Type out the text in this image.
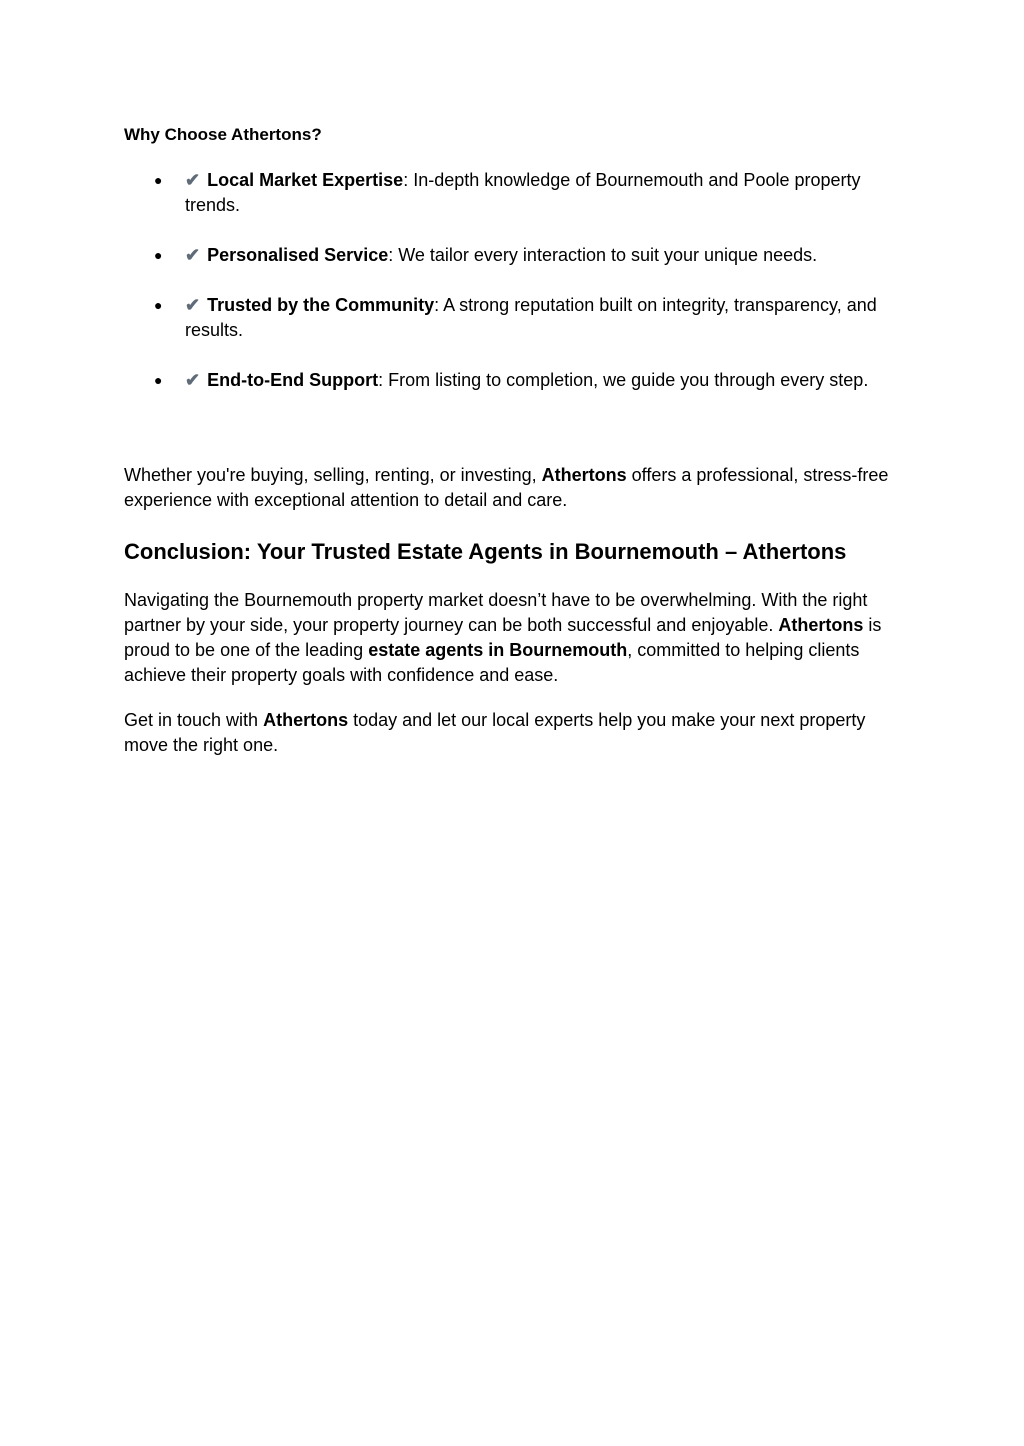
Why Choose Athertons?

● ✔ Local Market Expertise: In-depth knowledge of Bournemouth and Poole property trends.
● ✔ Personalised Service: We tailor every interaction to suit your unique needs.
● ✔ Trusted by the Community: A strong reputation built on integrity, transparency, and results.
● ✔ End-to-End Support: From listing to completion, we guide you through every step.

Whether you're buying, selling, renting, or investing, Athertons offers a professional, stress-free experience with exceptional attention to detail and care.

Conclusion: Your Trusted Estate Agents in Bournemouth – Athertons

Navigating the Bournemouth property market doesn’t have to be overwhelming. With the right partner by your side, your property journey can be both successful and enjoyable. Athertons is proud to be one of the leading estate agents in Bournemouth, committed to helping clients achieve their property goals with confidence and ease.

Get in touch with Athertons today and let our local experts help you make your next property move the right one.
